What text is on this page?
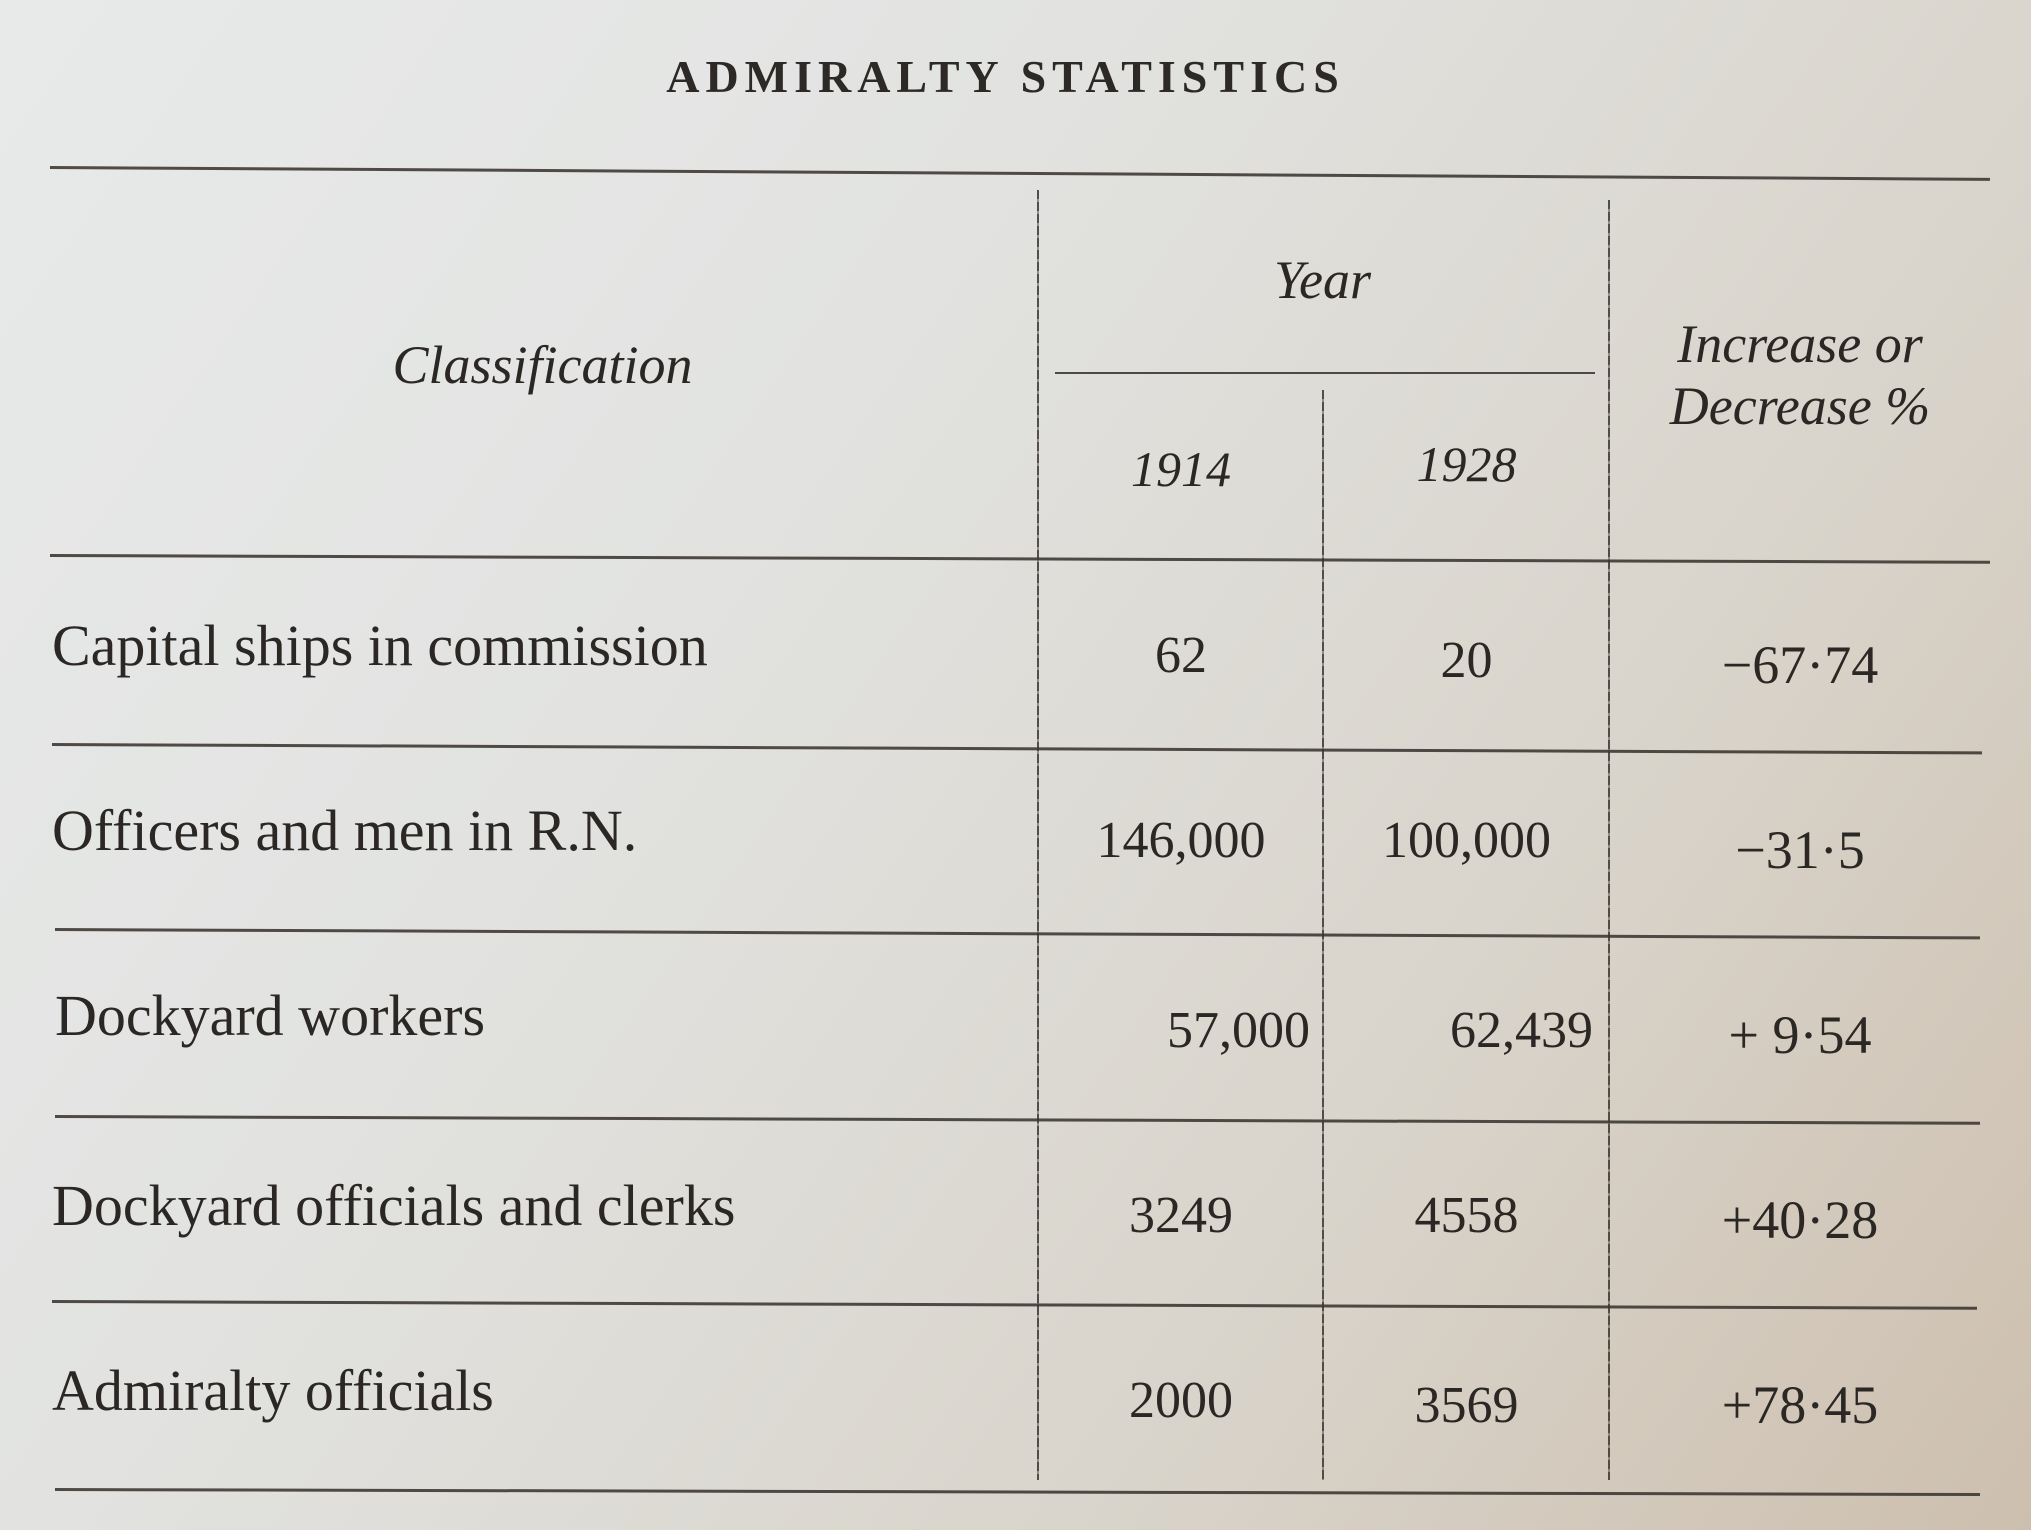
ADMIRALTY STATISTICS
Classification
Year
1914	1928
Increase or
Decrease %
Capital ships in commission	62	20	−67·74
Officers and men in R.N.	146,000	100,000	−31·5
Dockyard workers	57,000	62,439	+ 9·54
Dockyard officials and clerks	3249	4558	+40·28
Admiralty officials	2000	3569	+78·45
